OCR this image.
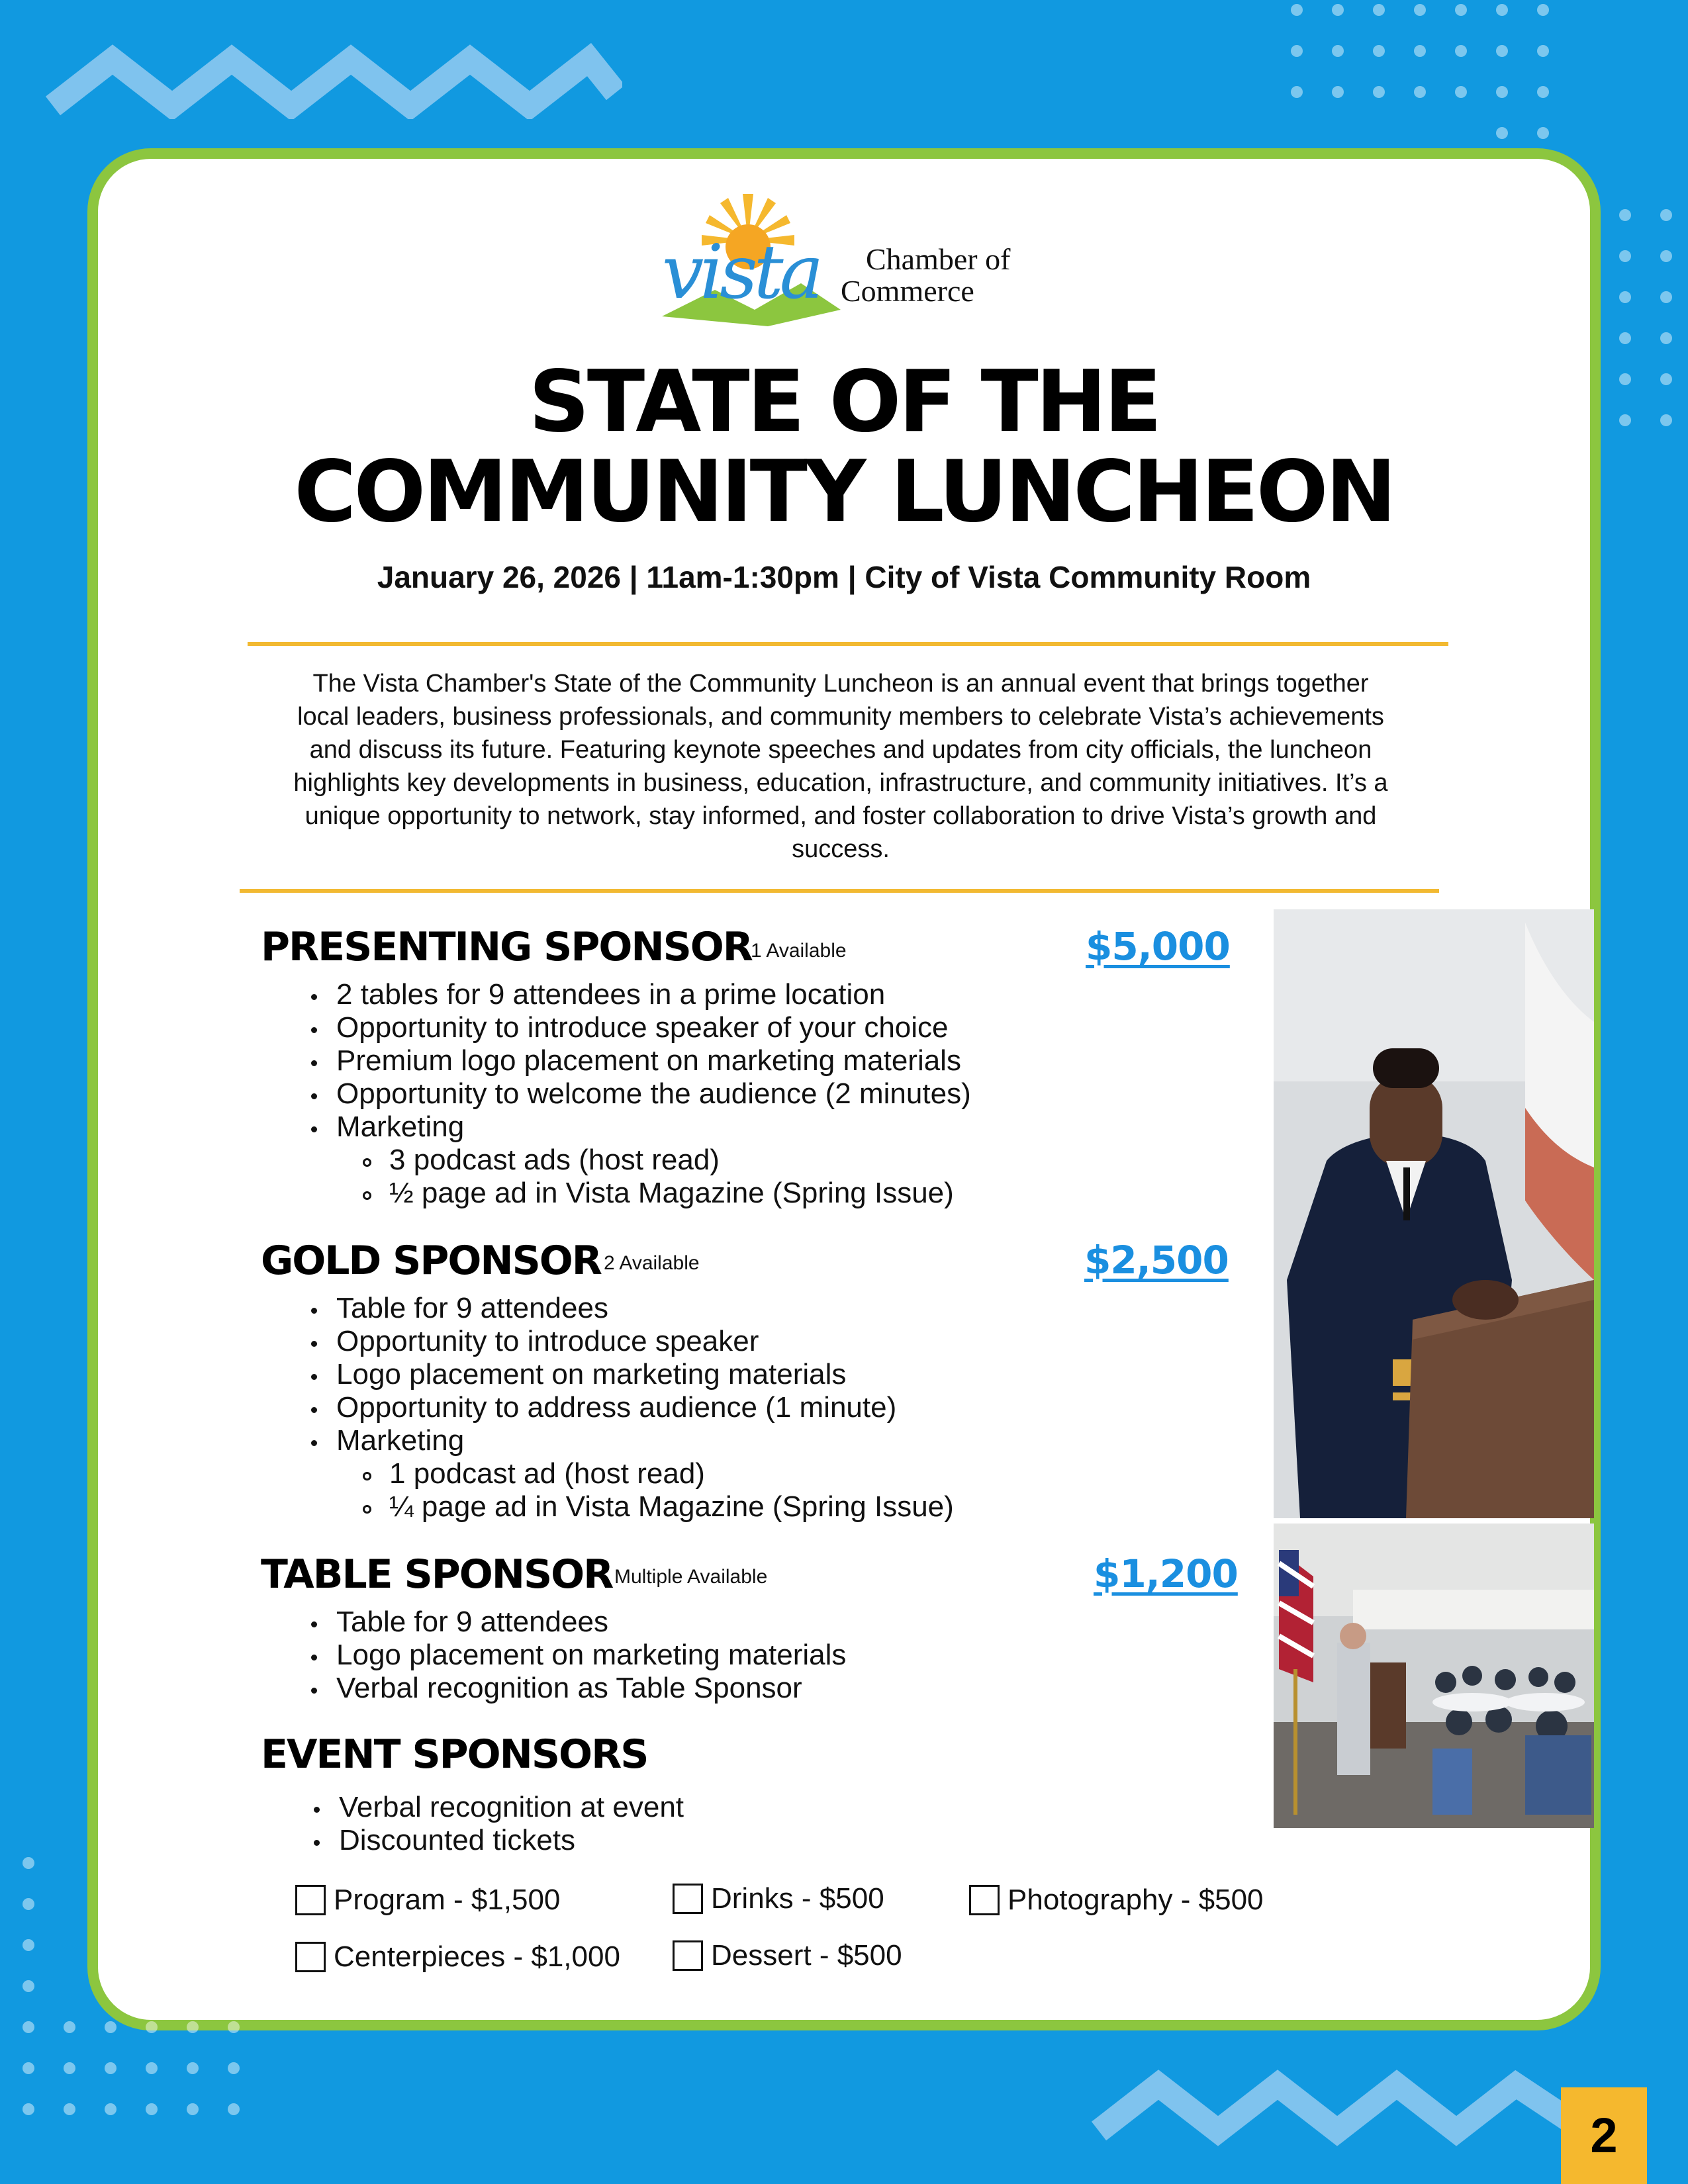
vista	Chamber of
Commerce
STATE OF THE
COMMUNITY LUNCHEON
January 26, 2026 | 11am-1:30pm | City of Vista Community Room
The Vista Chamber's State of the Community Luncheon is an annual event that brings together local leaders, business professionals, and community members to celebrate Vista’s achievements and discuss its future. Featuring keynote speeches and updates from city officials, the luncheon highlights key developments in business, education, infrastructure, and community initiatives. It’s a unique opportunity to network, stay informed, and foster collaboration to drive Vista’s growth and success.
PRESENTING SPONSOR
1 Available	$5,000
2 tables for 9 attendees in a prime location
Opportunity to introduce speaker of your choice
Premium logo placement on marketing materials
Opportunity to welcome the audience (2 minutes)
Marketing
3 podcast ads (host read)
½ page ad in Vista Magazine (Spring Issue)
GOLD SPONSOR 2 Available	$2,500
Table for 9 attendees
Opportunity to introduce speaker
Logo placement on marketing materials
Opportunity to address audience (1 minute)
Marketing
1 podcast ad (host read)
¼ page ad in Vista Magazine (Spring Issue)
TABLE SPONSOR Multiple Available	$1,200
Table for 9 attendees
Logo placement on marketing materials
Verbal recognition as Table Sponsor
EVENT SPONSORS
Verbal recognition at event
Discounted tickets
Program - $1,500	Drinks - $500	Photography - $500
Centerpieces - $1,000	Dessert - $500
2
